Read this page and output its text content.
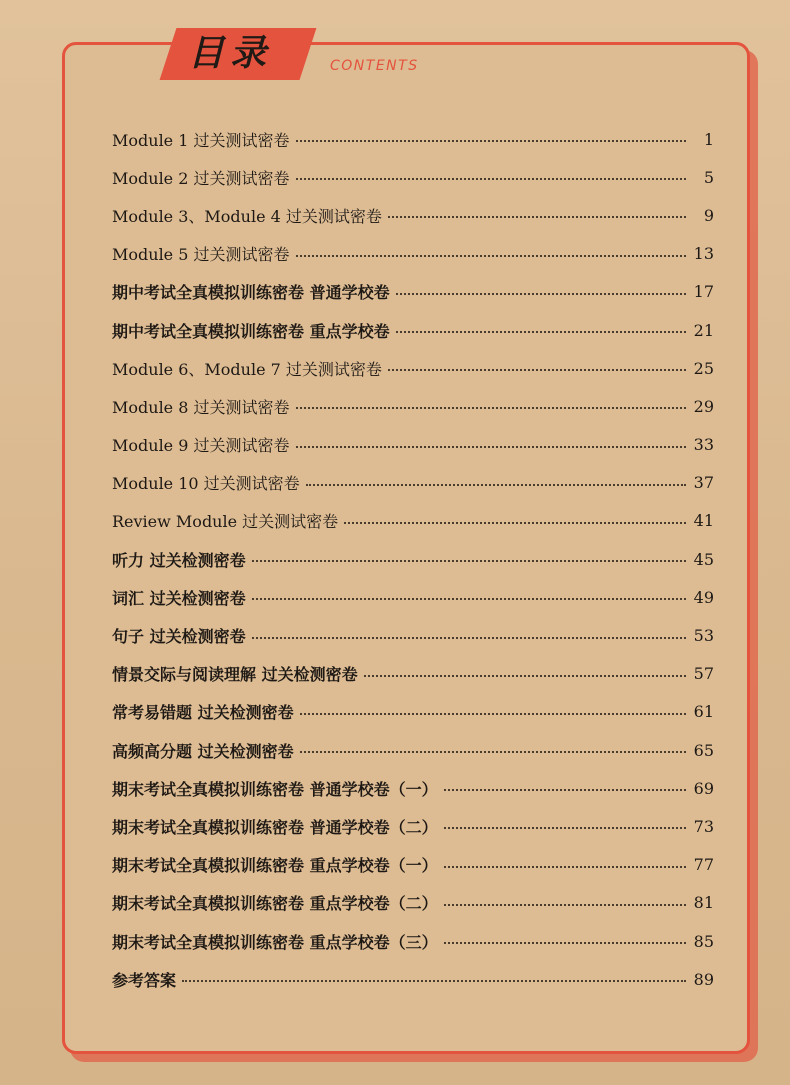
目录	CONTENTS
Module 1 过关测试密卷	1
Module 2 过关测试密卷	5
Module 3、Module 4 过关测试密卷	9
Module 5 过关测试密卷	13
期中考试全真模拟训练密卷 普通学校卷	17
期中考试全真模拟训练密卷 重点学校卷	21
Module 6、Module 7 过关测试密卷	25
Module 8 过关测试密卷	29
Module 9 过关测试密卷	33
Module 10 过关测试密卷	37
Review Module 过关测试密卷	41
听力 过关检测密卷	45
词汇 过关检测密卷	49
句子 过关检测密卷	53
情景交际与阅读理解 过关检测密卷	57
常考易错题 过关检测密卷	61
高频高分题 过关检测密卷	65
期末考试全真模拟训练密卷 普通学校卷（一）	69
期末考试全真模拟训练密卷 普通学校卷（二）	73
期末考试全真模拟训练密卷 重点学校卷（一）	77
期末考试全真模拟训练密卷 重点学校卷（二）	81
期末考试全真模拟训练密卷 重点学校卷（三）	85
参考答案	89
